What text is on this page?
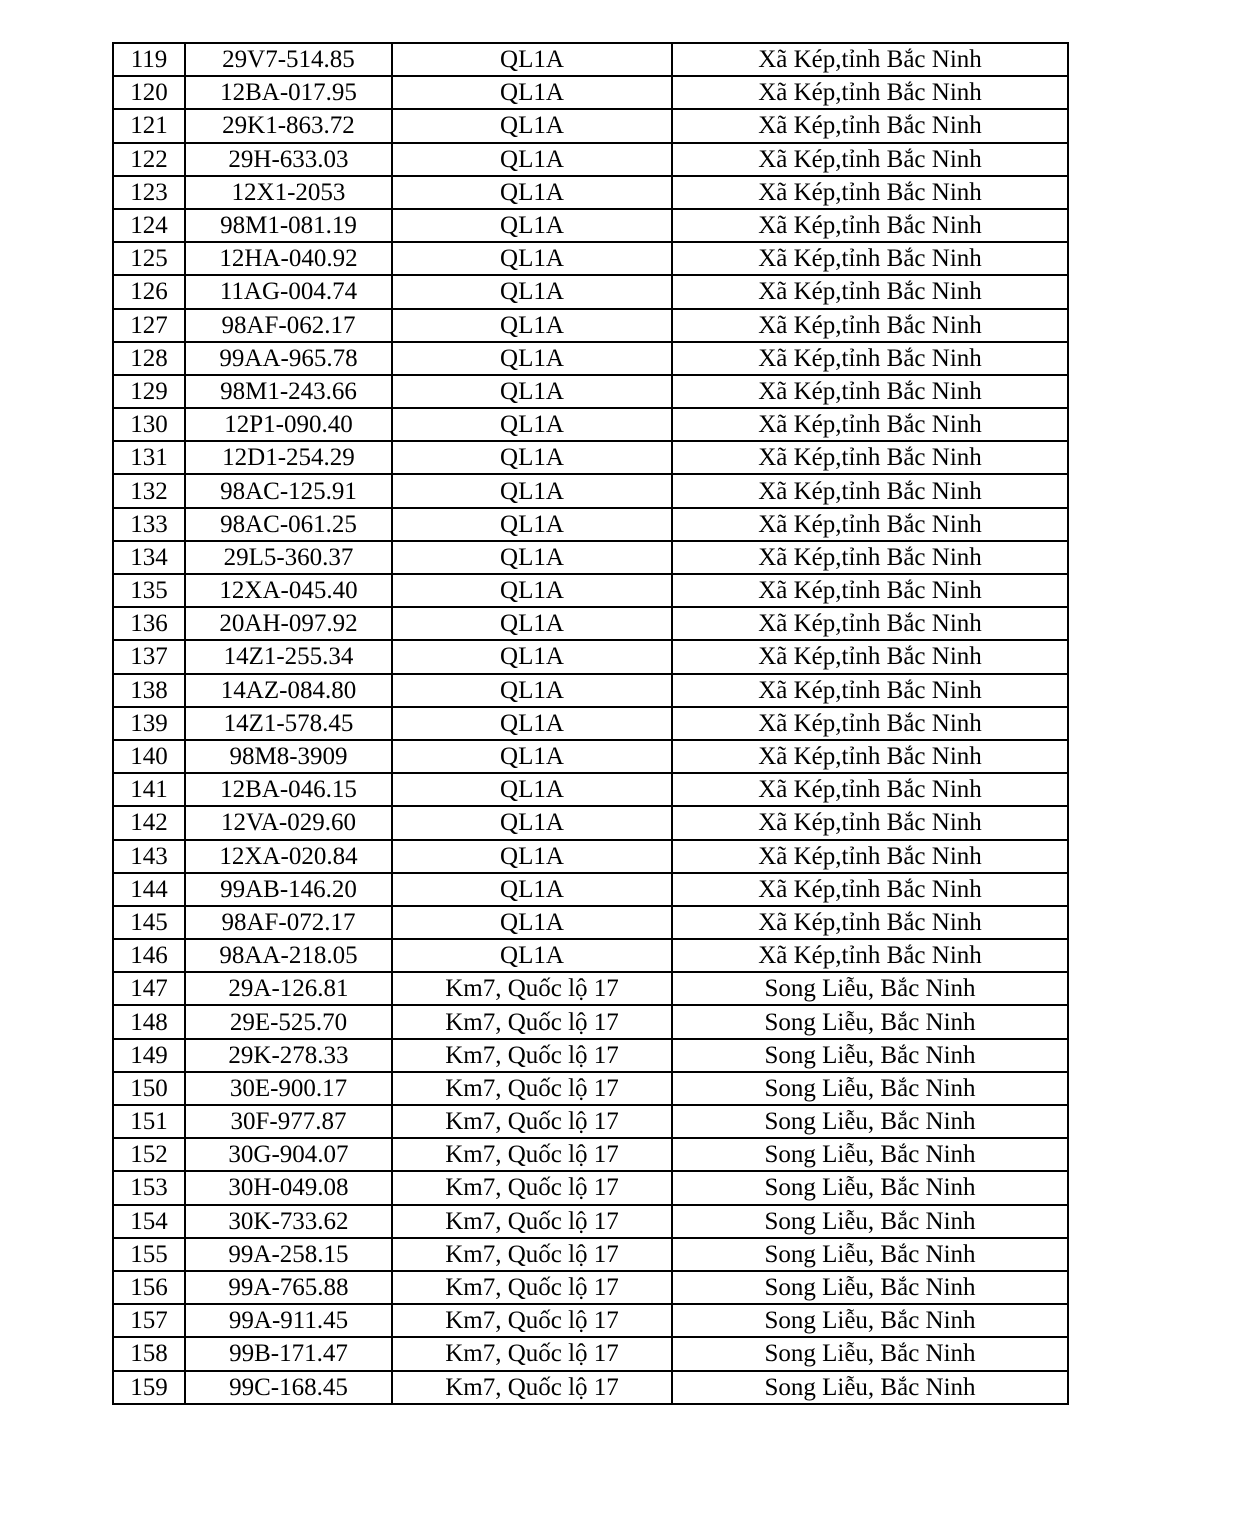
119	29V7-514.85	QL1A	Xã Kép,tỉnh Bắc Ninh
120	12BA-017.95	QL1A	Xã Kép,tỉnh Bắc Ninh
121	29K1-863.72	QL1A	Xã Kép,tỉnh Bắc Ninh
122	29H-633.03	QL1A	Xã Kép,tỉnh Bắc Ninh
123	12X1-2053	QL1A	Xã Kép,tỉnh Bắc Ninh
124	98M1-081.19	QL1A	Xã Kép,tỉnh Bắc Ninh
125	12HA-040.92	QL1A	Xã Kép,tỉnh Bắc Ninh
126	11AG-004.74	QL1A	Xã Kép,tỉnh Bắc Ninh
127	98AF-062.17	QL1A	Xã Kép,tỉnh Bắc Ninh
128	99AA-965.78	QL1A	Xã Kép,tỉnh Bắc Ninh
129	98M1-243.66	QL1A	Xã Kép,tỉnh Bắc Ninh
130	12P1-090.40	QL1A	Xã Kép,tỉnh Bắc Ninh
131	12D1-254.29	QL1A	Xã Kép,tỉnh Bắc Ninh
132	98AC-125.91	QL1A	Xã Kép,tỉnh Bắc Ninh
133	98AC-061.25	QL1A	Xã Kép,tỉnh Bắc Ninh
134	29L5-360.37	QL1A	Xã Kép,tỉnh Bắc Ninh
135	12XA-045.40	QL1A	Xã Kép,tỉnh Bắc Ninh
136	20AH-097.92	QL1A	Xã Kép,tỉnh Bắc Ninh
137	14Z1-255.34	QL1A	Xã Kép,tỉnh Bắc Ninh
138	14AZ-084.80	QL1A	Xã Kép,tỉnh Bắc Ninh
139	14Z1-578.45	QL1A	Xã Kép,tỉnh Bắc Ninh
140	98M8-3909	QL1A	Xã Kép,tỉnh Bắc Ninh
141	12BA-046.15	QL1A	Xã Kép,tỉnh Bắc Ninh
142	12VA-029.60	QL1A	Xã Kép,tỉnh Bắc Ninh
143	12XA-020.84	QL1A	Xã Kép,tỉnh Bắc Ninh
144	99AB-146.20	QL1A	Xã Kép,tỉnh Bắc Ninh
145	98AF-072.17	QL1A	Xã Kép,tỉnh Bắc Ninh
146	98AA-218.05	QL1A	Xã Kép,tỉnh Bắc Ninh
147	29A-126.81	Km7, Quốc lộ 17	Song Liễu, Bắc Ninh
148	29E-525.70	Km7, Quốc lộ 17	Song Liễu, Bắc Ninh
149	29K-278.33	Km7, Quốc lộ 17	Song Liễu, Bắc Ninh
150	30E-900.17	Km7, Quốc lộ 17	Song Liễu, Bắc Ninh
151	30F-977.87	Km7, Quốc lộ 17	Song Liễu, Bắc Ninh
152	30G-904.07	Km7, Quốc lộ 17	Song Liễu, Bắc Ninh
153	30H-049.08	Km7, Quốc lộ 17	Song Liễu, Bắc Ninh
154	30K-733.62	Km7, Quốc lộ 17	Song Liễu, Bắc Ninh
155	99A-258.15	Km7, Quốc lộ 17	Song Liễu, Bắc Ninh
156	99A-765.88	Km7, Quốc lộ 17	Song Liễu, Bắc Ninh
157	99A-911.45	Km7, Quốc lộ 17	Song Liễu, Bắc Ninh
158	99B-171.47	Km7, Quốc lộ 17	Song Liễu, Bắc Ninh
159	99C-168.45	Km7, Quốc lộ 17	Song Liễu, Bắc Ninh
